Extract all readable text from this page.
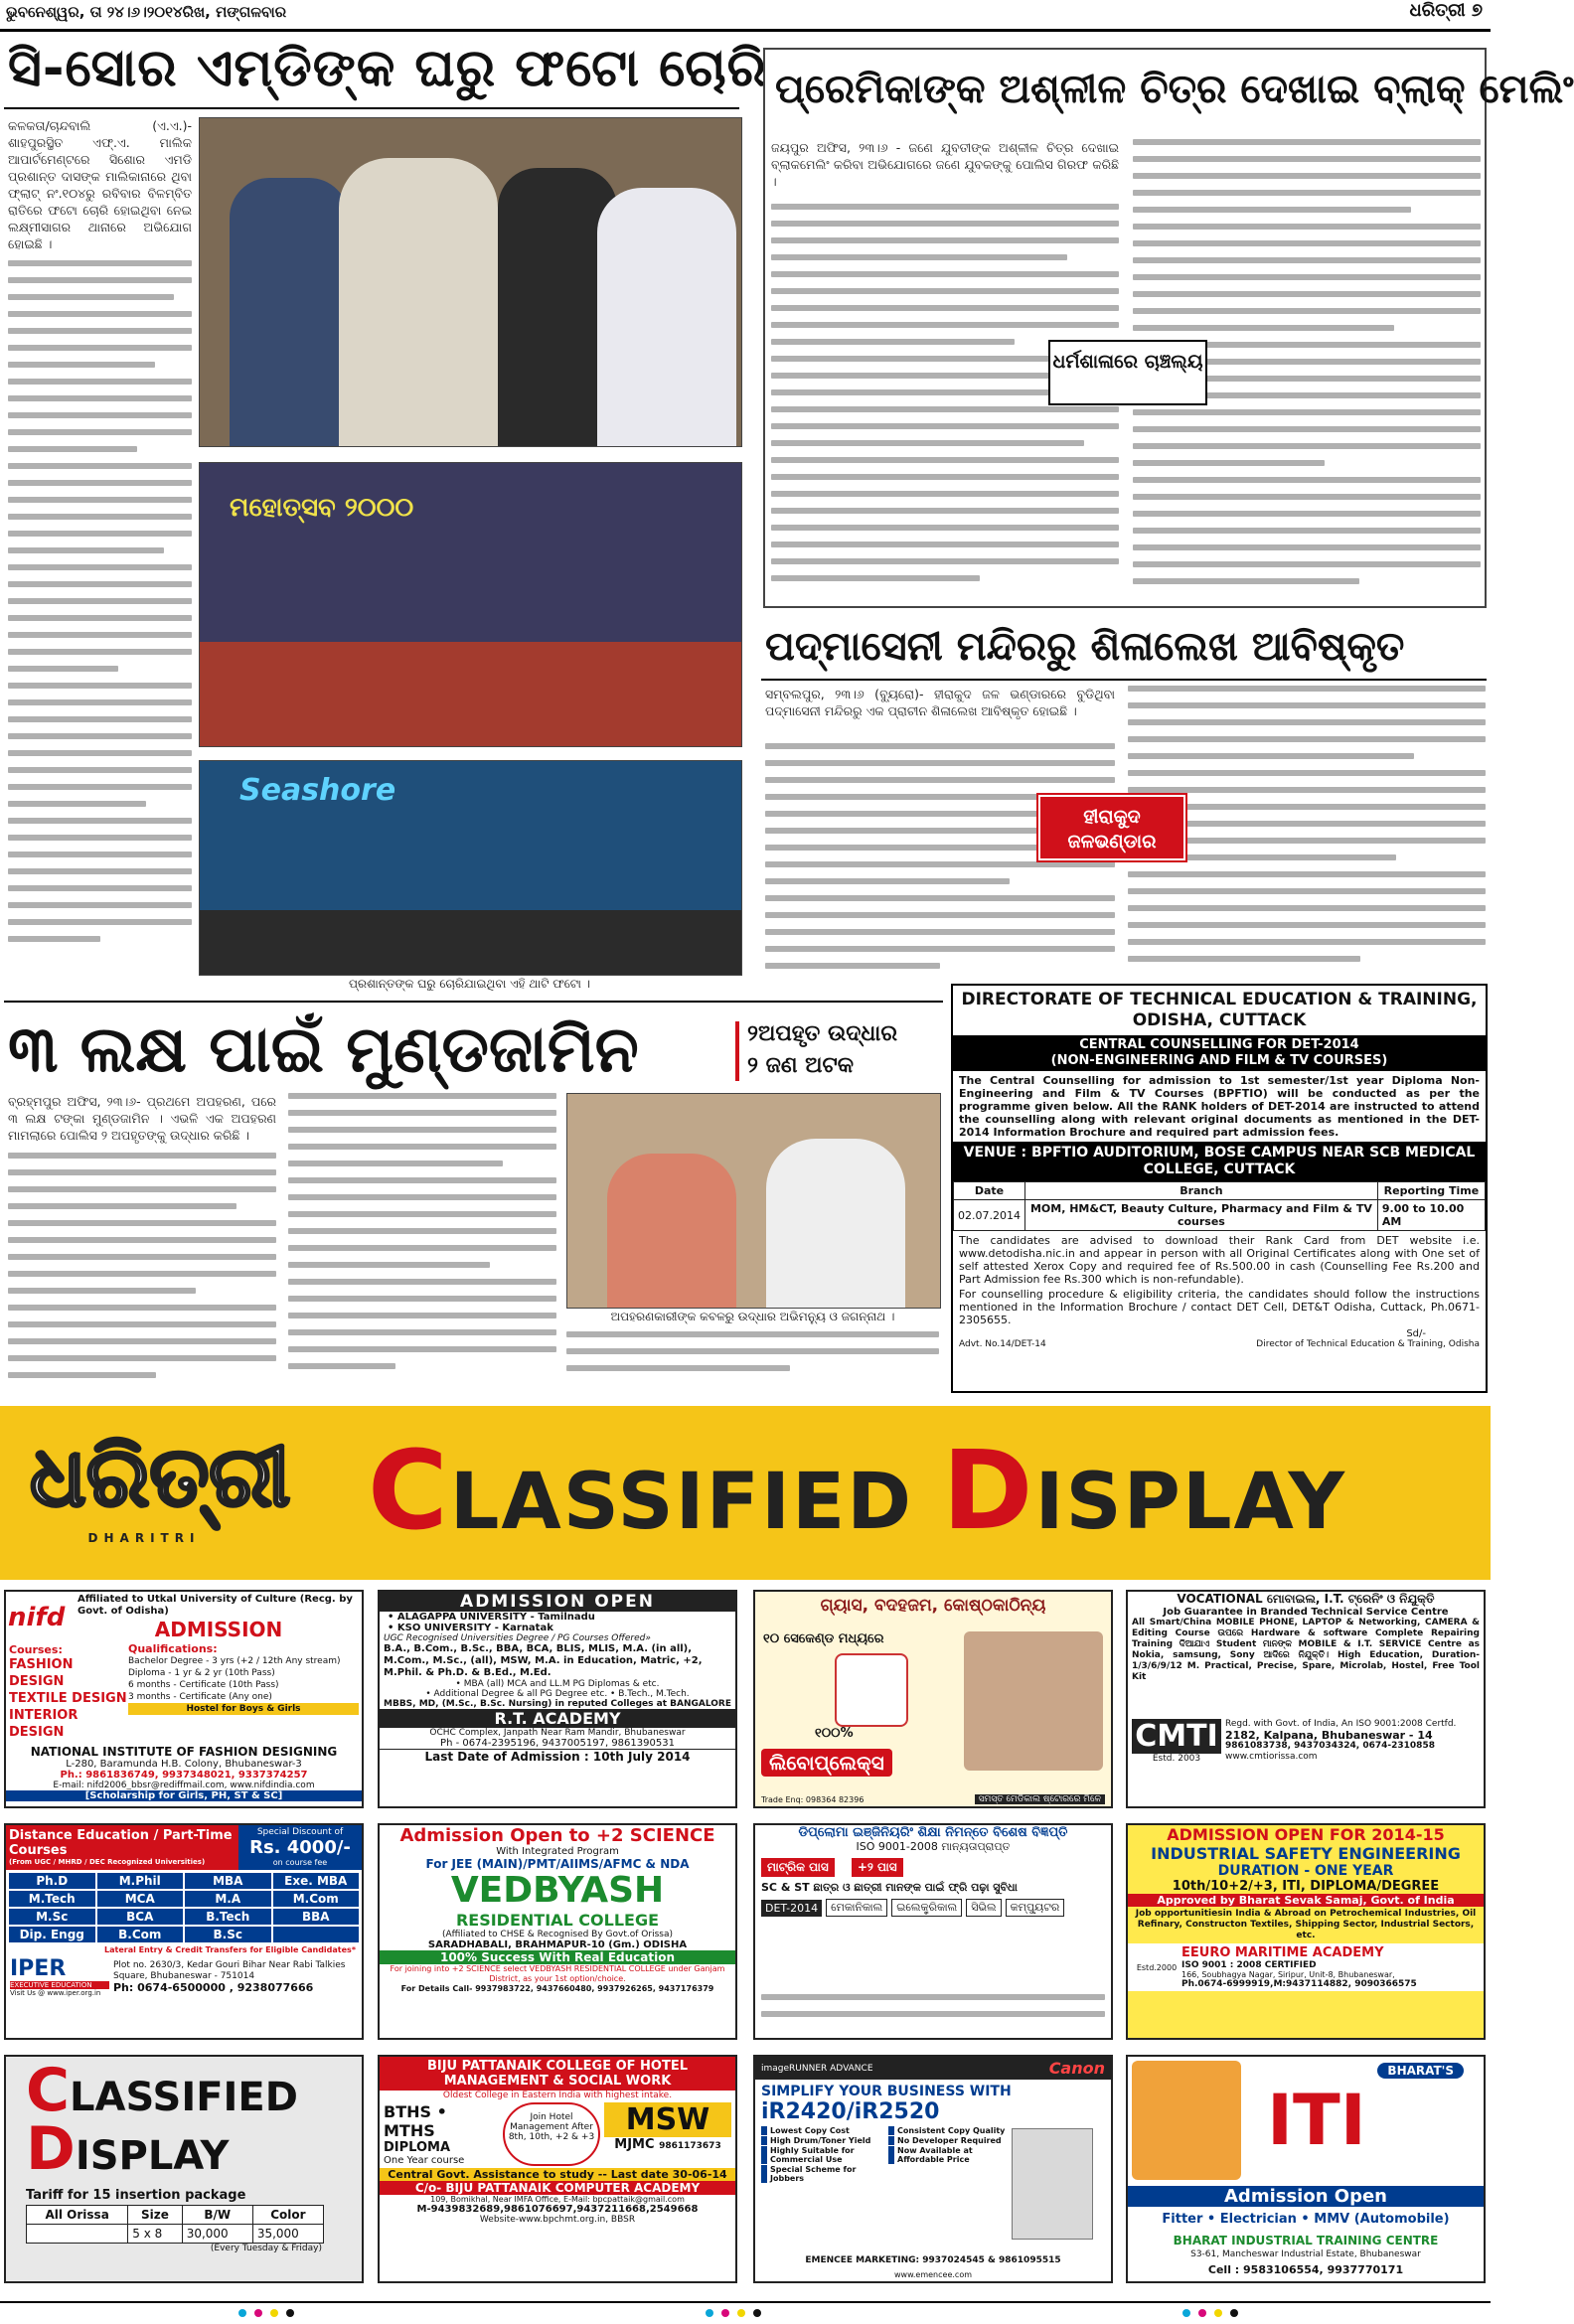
ଭୁବନେଶ୍ୱର, ତା ୨୪।୬।୨୦୧୪ରିଖ, ମଙ୍ଗଳବାର	ଧରିତ୍ରୀ ୭
ସି-ସୋର ଏମ୍‌ଡିଙ୍କ ଘରୁ ଫଟୋ ଚୋରି
କଳକତା/ଚାନ୍ଦବାଲି (ଏ.ଏ.)- ଶାହପୁରସ୍ଥିତ ଏଫ୍‌.ଏ. ମାଲିକ ଆପାର୍ଟମେଣ୍ଟରେ ସିଶୋର ଏମଡି ପ୍ରଶାନ୍ତ ଦାସଙ୍କ ମାଲିକାନାରେ ଥିବା ଫ୍ଲାଟ୍ ନଂ.୧୦୪ରୁ ରବିବାର ବିଳମ୍ବିତ ରାତିରେ ଫଟୋ ଚୋରି ହୋଇଥିବା ନେଇ ଲକ୍ଷ୍ମୀସାଗର ଥାନାରେ ଅଭିଯୋଗ ହୋଇଛି ।
ମହୋତ୍ସବ ୨୦୦୦
Seashore
ପ୍ରଶାନ୍ତଙ୍କ ଘରୁ ଚୋରିଯାଇଥିବା ଏହି ଥାଟି ଫଟୋ ।
ପ୍ରେମିକାଙ୍କ ଅଶ୍ଳୀଳ ଚିତ୍ର ଦେଖାଇ ବ୍ଲାକ୍ ମେଲିଂ
ଜୟପୁର ଅଫିସ, ୨୩।୬ - ଜଣେ ଯୁବତୀଙ୍କ ଅଶ୍ଳୀଳ ଚିତ୍ର ଦେଖାଇ ବ୍ଲାକମେଲିଂ କରିବା ଅଭିଯୋଗରେ ଜଣେ ଯୁବକଙ୍କୁ ପୋଲିସ ଗିରଫ କରିଛି ।
ଧର୍ମଶାଳାରେ ଚାଞ୍ଚଲ୍ୟ
ପଦ୍ମାସେନୀ ମନ୍ଦିରରୁ ଶିଳାଲେଖ ଆବିଷ୍କୃତ
ସମ୍ବଲପୁର, ୨୩।୬ (ବ୍ୟୁରୋ)- ହୀରାକୁଦ ଜଳ ଭଣ୍ଡାରରେ ବୁଡିଥିବା ପଦ୍ମାସେନୀ ମନ୍ଦିରରୁ ଏକ ପ୍ରାଚୀନ ଶିଳାଲେଖ ଆବିଷ୍କୃତ ହୋଇଛି ।
ହୀରାକୁଦ ଜଳଭଣ୍ଡାର
୩ ଲକ୍ଷ ପାଇଁ ମୁଣ୍ଡଜାମିନ	୨ଅପହୃତ ଉଦ୍ଧାର
୨ ଜଣ ଅଟକ
ବ୍ରହ୍ମପୁର ଅଫିସ, ୨୩।୬- ପ୍ରଥମେ ଅପହରଣ, ପରେ ୩ ଲକ୍ଷ ଟଙ୍କା ମୁଣ୍ଡଜାମିନ । ଏଭଳି ଏକ ଅପହରଣ ମାମଲାରେ ପୋଲିସ ୨ ଅପହୃତଙ୍କୁ ଉଦ୍ଧାର କରିଛି ।
ଅପହରଣକାରୀଙ୍କ କବଳରୁ ଉଦ୍ଧାର ଅଭିମନ୍ୟୁ ଓ ଜଗନ୍ନାଥ ।
DIRECTORATE OF TECHNICAL EDUCATION & TRAINING, ODISHA, CUTTACK
CENTRAL COUNSELLING FOR DET-2014
(NON-ENGINEERING AND FILM & TV COURSES)
The Central Counselling for admission to 1st semester/1st year Diploma Non-Engineering and Film & TV Courses (BPFTIO) will be conducted as per the programme given below. All the RANK holders of DET-2014 are instructed to attend the counselling along with relevant original documents as mentioned in the DET-2014 Information Brochure and required part admission fees.
VENUE : BPFTIO AUDITORIUM, BOSE CAMPUS NEAR SCB MEDICAL COLLEGE, CUTTACK
Date	Branch	Reporting Time
02.07.2014	MOM, HM&CT, Beauty Culture, Pharmacy and Film & TV courses	9.00 to 10.00 AM
The candidates are advised to download their Rank Card from DET website i.e. www.detodisha.nic.in and appear in person with all Original Certificates along with One set of self attested Xerox Copy and required fee of Rs.500.00 in cash (Counselling Fee Rs.200 and Part Admission fee Rs.300 which is non-refundable).
For counselling procedure & eligibility criteria, the candidates should follow the instructions mentioned in the Information Brochure / contact DET Cell, DET&T Odisha, Cuttack, Ph.0671-2305655.
Sd/-
Advt. No.14/DET-14	Director of Technical Education & Training, Odisha
ଧରିତ୍ରୀ
DHARITRI	CLASSIFIED DISPLAY
nifd
Affiliated to Utkal University of Culture (Recg. by Govt. of Odisha)
ADMISSION
Courses:
FASHION DESIGN
TEXTILE DESIGN
INTERIOR DESIGN
Qualifications:
Bachelor Degree - 3 yrs (+2 / 12th Any stream)
Diploma - 1 yr & 2 yr (10th Pass)
6 months - Certificate (10th Pass)
3 months - Certificate (Any one)
Hostel for Boys & Girls
NATIONAL INSTITUTE OF FASHION DESIGNING
L-280, Baramunda H.B. Colony, Bhubaneswar-3
Ph.: 9861836749, 9937348021, 9337374257
E-mail: nifd2006_bbsr@rediffmail.com, www.nifdindia.com
[Scholarship for Girls, PH, ST & SC]
ADMISSION OPEN
• ALAGAPPA UNIVERSITY - Tamilnadu
• KSO UNIVERSITY - Karnatak
UGC Recognised Universities Degree / PG Courses Offered»
B.A., B.Com., B.Sc., BBA, BCA, BLIS, MLIS, M.A. (in all), M.Com., M.Sc., (all), MSW, M.A. in Education, Matric, +2, M.Phil. & Ph.D. & B.Ed., M.Ed.
• MBA (all) MCA and LL.M PG Diplomas & etc.
• Additional Degree & all PG Degree etc. • B.Tech., M.Tech.
MBBS, MD, (M.Sc., B.Sc. Nursing) in reputed Colleges at BANGALORE
R.T. ACADEMY
OCHC Complex, Janpath Near Ram Mandir, Bhubaneswar
Ph - 0674-2395196, 9437005197, 9861390531
Last Date of Admission : 10th July 2014
ଗ୍ୟାସ, ବଦହଜମ, କୋଷ୍ଠକାଠିନ୍ୟ
୧୦ ସେକେଣ୍ଡ ମଧ୍ୟରେ
୧୦୦%
ଲିବୋପ୍ଲେକ୍ସ
Trade Enq: 098364 82396	ସମସ୍ତ ମେଡିକାଲ ଷ୍ଟୋରରେ ମିଳେ
VOCATIONAL ମୋବାଇଲ, I.T. ଟ୍ରେନିଂ ଓ ନିଯୁକ୍ତି
Job Guarantee in Branded Technical Service Centre
All Smart/China MOBILE PHONE, LAPTOP & Networking, CAMERA & Editing Course ଉପରେ Hardware & software Complete Repairing Training ଦିଆଯାଏ Student ମାନଙ୍କ MOBILE & I.T. SERVICE Centre as Nokia, samsung, Sony ଆଦିରେ ନିଯୁକ୍ତି। High Education, Duration-1/3/6/9/12 M. Practical, Precise, Spare, Microlab, Hostel, Free Tool Kit
CMTI
Estd. 2003
Regd. with Govt. of India, An ISO 9001:2008 Certfd.
2182, Kalpana, Bhubaneswar - 14
9861083738, 9437034324, 0674-2310858
www.cmtiorissa.com
Distance Education / Part-Time Courses
(From UGC / MHRD / DEC Recognized Universities)
Special Discount of
Rs. 4000/-
on course fee
Ph.D	M.Phil	MBA	Exe. MBA
M.Tech	MCA	M.A	M.Com
M.Sc	BCA	B.Tech	BBA
Dip. Engg	B.Com	B.Sc
Lateral Entry & Credit Transfers for Eligible Candidates*
IPER
EXECUTIVE EDUCATION
Visit Us @ www.iper.org.in
Plot no. 2630/3, Kedar Gouri Bihar Near Rabi Talkies Square, Bhubaneswar - 751014
Ph: 0674-6500000 , 9238077666
Admission Open to +2 SCIENCE
With Integrated Program
For JEE (MAIN)/PMT/AIIMS/AFMC & NDA
VEDBYASH
RESIDENTIAL COLLEGE
(Affiliated to CHSE & Recognised By Govt.of Orissa)
SARADHABALI, BRAHMAPUR-10 (Gm.) ODISHA
100% Success With Real Education
For joining into +2 SCIENCE select VEDBYASH RESIDENTIAL COLLEGE under Ganjam District, as your 1st option/choice.
For Details Call- 9937983722, 9437660480, 9937926265, 9437176379
ଡିପ୍ଲୋମା ଇଞ୍ଜିନିୟରିଂ ଶିକ୍ଷା ନିମନ୍ତେ ବିଶେଷ ବିଜ୍ଞପ୍ତି
ISO 9001-2008 ମାନ୍ୟତାପ୍ରାପ୍ତ
ମାଟ୍ରିକ ପାସ +୨ ପାସ
SC & ST ଛାତ୍ର ଓ ଛାତ୍ରୀ ମାନଙ୍କ ପାଇଁ ଫ୍ରି ପଢ଼ା ସୁବିଧା
DET-2014	ମେକାନିକାଲ	ଇଲେକ୍ଟ୍ରିକାଲ	ସିଭିଲ	କମ୍ପ୍ୟୁଟର
ADMISSION OPEN FOR 2014-15
INDUSTRIAL SAFETY ENGINEERING
DURATION - ONE YEAR
10th/10+2/+3, ITI, DIPLOMA/DEGREE
Approved by Bharat Sevak Samaj, Govt. of India
Job opportunitiesin India & Abroad on Petrochemical Industries, Oil Refinary, Constructon Textiles, Shipping Sector, Industrial Sectors, etc.
Estd.2000
EEURO MARITIME ACADEMY
ISO 9001 : 2008 CERTIFIED
166, Soubhagya Nagar, Siripur, Unit-8, Bhubaneswar,
Ph.0674-6999919,M:9437114882, 9090366575
CLASSIFIED
DISPLAY
Tariff for 15 insertion package
All Orissa	Size	B/W	Color
	5 x 8	30,000	35,000
(Every Tuesday & Friday)
BIJU PATTANAIK COLLEGE OF HOTEL MANAGEMENT & SOCIAL WORK
Oldest College in Eastern India with highest intake.
BTHS • MTHS
DIPLOMA
One Year course
Join Hotel Management After 8th, 10th, +2 & +3	MSW
MJMC 9861173673
Central Govt. Assistance to study -- Last date 30-06-14
C/o- BIJU PATTANAIK COMPUTER ACADEMY
109, Bomikhal, Near IMFA Office, E-Mail: bpcpattaik@gmail.com
M-9439832689,9861076697,9437211668,2549668
Website-www.bpchmt.org.in, BBSR
imageRUNNER ADVANCE	Canon
SIMPLIFY YOUR BUSINESS WITH
iR2420/iR2520
Lowest Copy Cost	Consistent Copy Quality
High Drum/Toner Yield	No Developer Required
Highly Suitable for Commercial Use
Now Available at Affordable Price
Special Scheme for Jobbers
EMENCEE MARKETING: 9937024545 & 9861095515
www.emencee.com
BHARAT'S
ITI
Admission Open
Fitter • Electrician • MMV (Automobile)
BHARAT INDUSTRIAL TRAINING CENTRE
S3-61, Mancheswar Industrial Estate, Bhubaneswar
Cell : 9583106554, 9937770171
